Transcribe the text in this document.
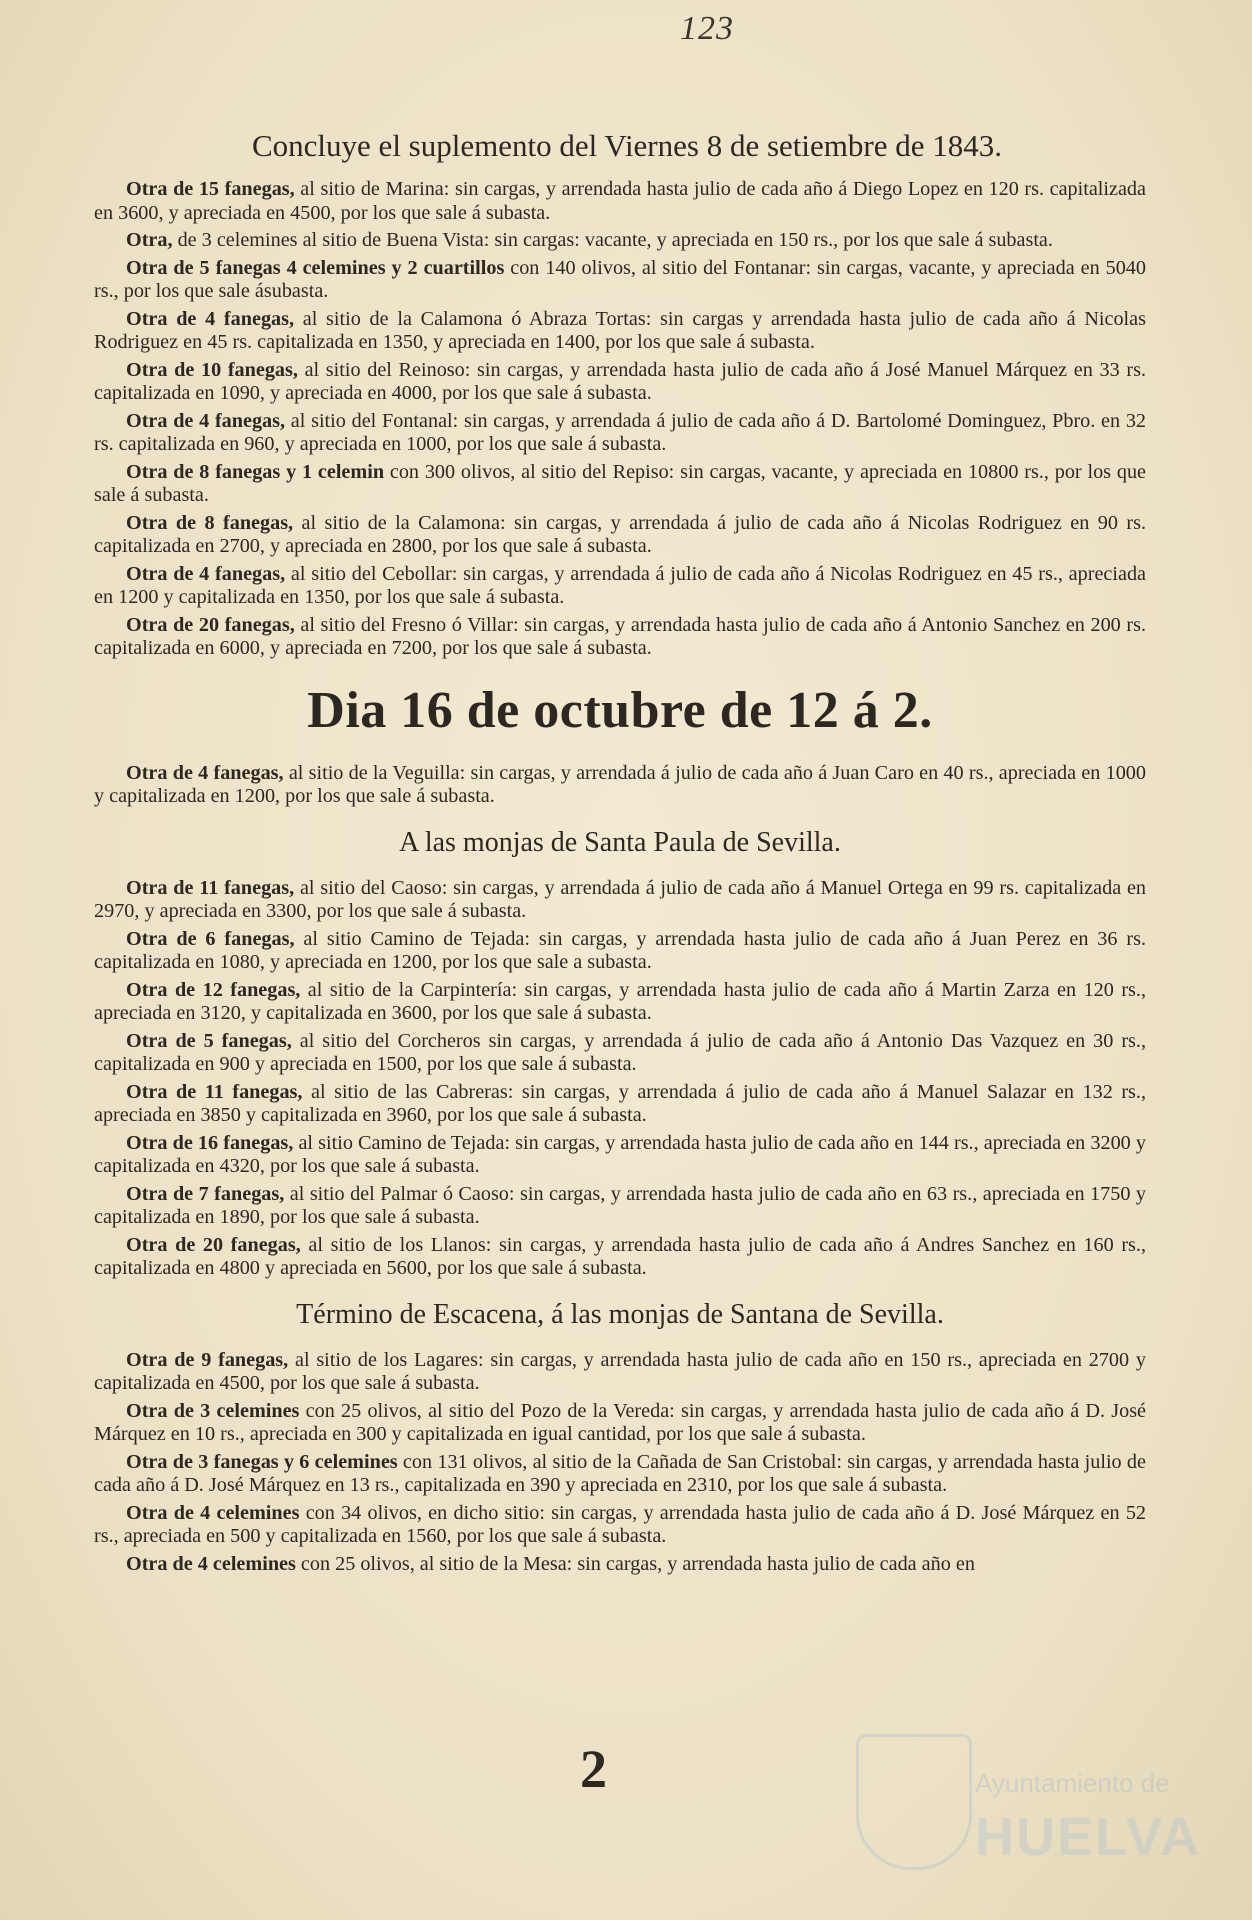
123
Concluye el suplemento del Viernes 8 de setiembre de 1843.

Otra de 15 fanegas, al sitio de Marina: sin cargas, y arrendada hasta julio de cada año á Diego Lopez en 120 rs. capitalizada en 3600, y apreciada en 4500, por los que sale á subasta.

Otra, de 3 celemines al sitio de Buena Vista: sin cargas: vacante, y apreciada en 150 rs., por los que sale á subasta.

Otra de 5 fanegas 4 celemines y 2 cuartillos con 140 olivos, al sitio del Fontanar: sin cargas, vacante, y apreciada en 5040 rs., por los que sale ásubasta.

Otra de 4 fanegas, al sitio de la Calamona ó Abraza Tortas: sin cargas y arrendada hasta julio de cada año á Nicolas Rodriguez en 45 rs. capitalizada en 1350, y apreciada en 1400, por los que sale á subasta.

Otra de 10 fanegas, al sitio del Reinoso: sin cargas, y arrendada hasta julio de cada año á José Manuel Márquez en 33 rs. capitalizada en 1090, y apreciada en 4000, por los que sale á subasta.

Otra de 4 fanegas, al sitio del Fontanal: sin cargas, y arrendada á julio de cada año á D. Bartolomé Dominguez, Pbro. en 32 rs. capitalizada en 960, y apreciada en 1000, por los que sale á subasta.

Otra de 8 fanegas y 1 celemin con 300 olivos, al sitio del Repiso: sin cargas, vacante, y apreciada en 10800 rs., por los que sale á subasta.

Otra de 8 fanegas, al sitio de la Calamona: sin cargas, y arrendada á julio de cada año á Nicolas Rodriguez en 90 rs. capitalizada en 2700, y apreciada en 2800, por los que sale á subasta.

Otra de 4 fanegas, al sitio del Cebollar: sin cargas, y arrendada á julio de cada año á Nicolas Rodriguez en 45 rs., apreciada en 1200 y capitalizada en 1350, por los que sale á subasta.

Otra de 20 fanegas, al sitio del Fresno ó Villar: sin cargas, y arrendada hasta julio de cada año á Antonio Sanchez en 200 rs. capitalizada en 6000, y apreciada en 7200, por los que sale á subasta.

Dia 16 de octubre de 12 á 2.

Otra de 4 fanegas, al sitio de la Veguilla: sin cargas, y arrendada á julio de cada año á Juan Caro en 40 rs., apreciada en 1000 y capitalizada en 1200, por los que sale á subasta.

A las monjas de Santa Paula de Sevilla.

Otra de 11 fanegas, al sitio del Caoso: sin cargas, y arrendada á julio de cada año á Manuel Ortega en 99 rs. capitalizada en 2970, y apreciada en 3300, por los que sale á subasta.

Otra de 6 fanegas, al sitio Camino de Tejada: sin cargas, y arrendada hasta julio de cada año á Juan Perez en 36 rs. capitalizada en 1080, y apreciada en 1200, por los que sale a subasta.

Otra de 12 fanegas, al sitio de la Carpintería: sin cargas, y arrendada hasta julio de cada año á Martin Zarza en 120 rs., apreciada en 3120, y capitalizada en 3600, por los que sale á subasta.

Otra de 5 fanegas, al sitio del Corcheros sin cargas, y arrendada á julio de cada año á Antonio Das Vazquez en 30 rs., capitalizada en 900 y apreciada en 1500, por los que sale á subasta.

Otra de 11 fanegas, al sitio de las Cabreras: sin cargas, y arrendada á julio de cada año á Manuel Salazar en 132 rs., apreciada en 3850 y capitalizada en 3960, por los que sale á subasta.

Otra de 16 fanegas, al sitio Camino de Tejada: sin cargas, y arrendada hasta julio de cada año en 144 rs., apreciada en 3200 y capitalizada en 4320, por los que sale á subasta.

Otra de 7 fanegas, al sitio del Palmar ó Caoso: sin cargas, y arrendada hasta julio de cada año en 63 rs., apreciada en 1750 y capitalizada en 1890, por los que sale á subasta.

Otra de 20 fanegas, al sitio de los Llanos: sin cargas, y arrendada hasta julio de cada año á Andres Sanchez en 160 rs., capitalizada en 4800 y apreciada en 5600, por los que sale á subasta.

Término de Escacena, á las monjas de Santana de Sevilla.

Otra de 9 fanegas, al sitio de los Lagares: sin cargas, y arrendada hasta julio de cada año en 150 rs., apreciada en 2700 y capitalizada en 4500, por los que sale á subasta.

Otra de 3 celemines con 25 olivos, al sitio del Pozo de la Vereda: sin cargas, y arrendada hasta julio de cada año á D. José Márquez en 10 rs., apreciada en 300 y capitalizada en igual cantidad, por los que sale á subasta.

Otra de 3 fanegas y 6 celemines con 131 olivos, al sitio de la Cañada de San Cristobal: sin cargas, y arrendada hasta julio de cada año á D. José Márquez en 13 rs., capitalizada en 390 y apreciada en 2310, por los que sale á subasta.

Otra de 4 celemines con 34 olivos, en dicho sitio: sin cargas, y arrendada hasta julio de cada año á D. José Márquez en 52 rs., apreciada en 500 y capitalizada en 1560, por los que sale á subasta.

Otra de 4 celemines con 25 olivos, al sitio de la Mesa: sin cargas, y arrendada hasta julio de cada año en

2	Ayuntamiento de
HUELVA
